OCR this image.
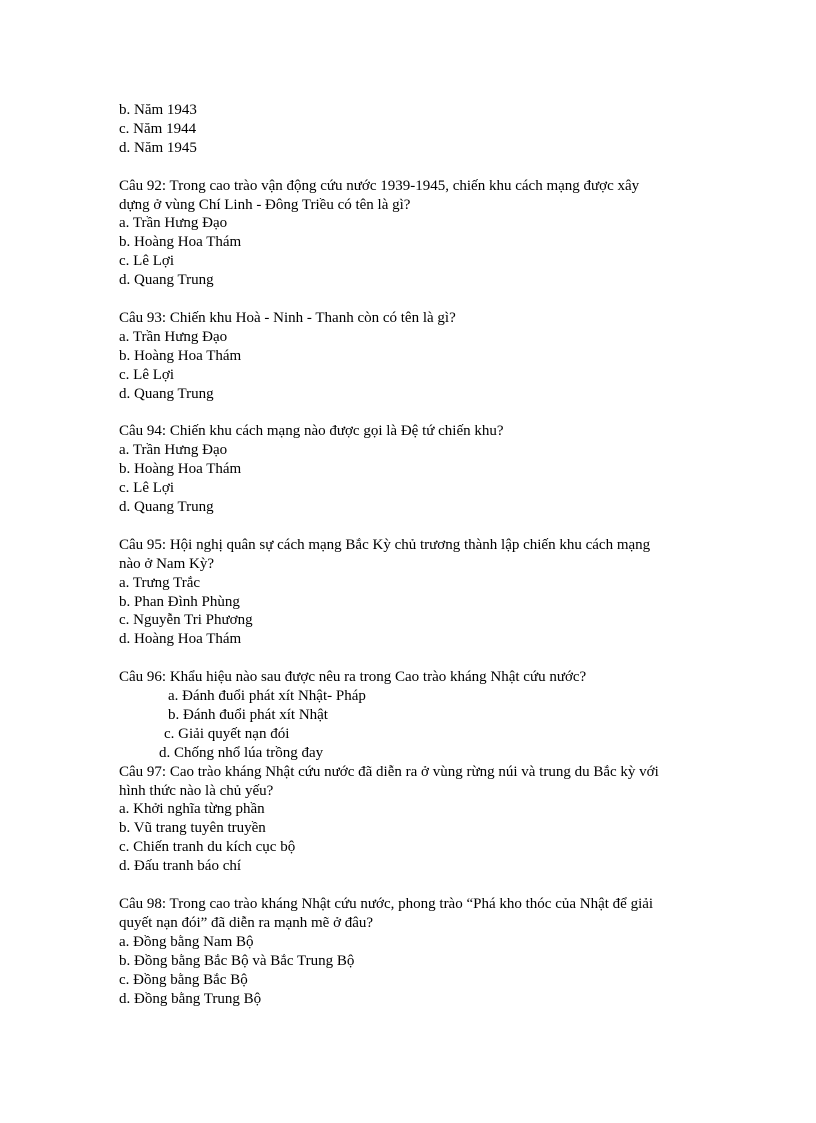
b. Năm 1943

c. Năm 1944

d. Năm 1945

Câu 92: Trong cao trào vận động cứu nước 1939-1945, chiến khu cách mạng được xây

dựng ở vùng Chí Linh - Đông Triều có tên là gì?

a. Trần Hưng Đạo

b. Hoàng Hoa Thám

c. Lê Lợi

d. Quang Trung

Câu 93: Chiến khu Hoà - Ninh - Thanh còn có tên là gì?

a. Trần Hưng Đạo

b. Hoàng Hoa Thám

c. Lê Lợi

d. Quang Trung

Câu 94: Chiến khu cách mạng nào được gọi là Đệ tứ chiến khu?

a. Trần Hưng Đạo

b. Hoàng Hoa Thám

c. Lê Lợi

d. Quang Trung

Câu 95: Hội nghị quân sự cách mạng Bắc Kỳ chủ trương thành lập chiến khu cách mạng

nào ở Nam Kỳ?

a. Trưng Trắc

b. Phan Đình Phùng

c. Nguyễn Tri Phương

d. Hoàng Hoa Thám

Câu 96: Khẩu hiệu nào sau được nêu ra trong Cao trào kháng Nhật cứu nước?

a. Đánh đuổi phát xít Nhật- Pháp

b. Đánh đuổi phát xít Nhật

c. Giải quyết nạn đói

d. Chống nhổ lúa trồng đay

Câu 97: Cao trào kháng Nhật cứu nước đã diễn ra ở vùng rừng núi và trung du Bắc kỳ với

hình thức nào là chủ yếu?

a. Khởi nghĩa từng phần

b. Vũ trang tuyên truyền

c. Chiến tranh du kích cục bộ

d. Đấu tranh báo chí

Câu 98: Trong cao trào kháng Nhật cứu nước, phong trào “Phá kho thóc của Nhật để giải

quyết nạn đói” đã diễn ra mạnh mẽ ở đâu?

a. Đồng bằng Nam Bộ

b. Đồng bằng Bắc Bộ và Bắc Trung Bộ

c. Đồng bằng Bắc Bộ

d. Đồng bằng Trung Bộ
